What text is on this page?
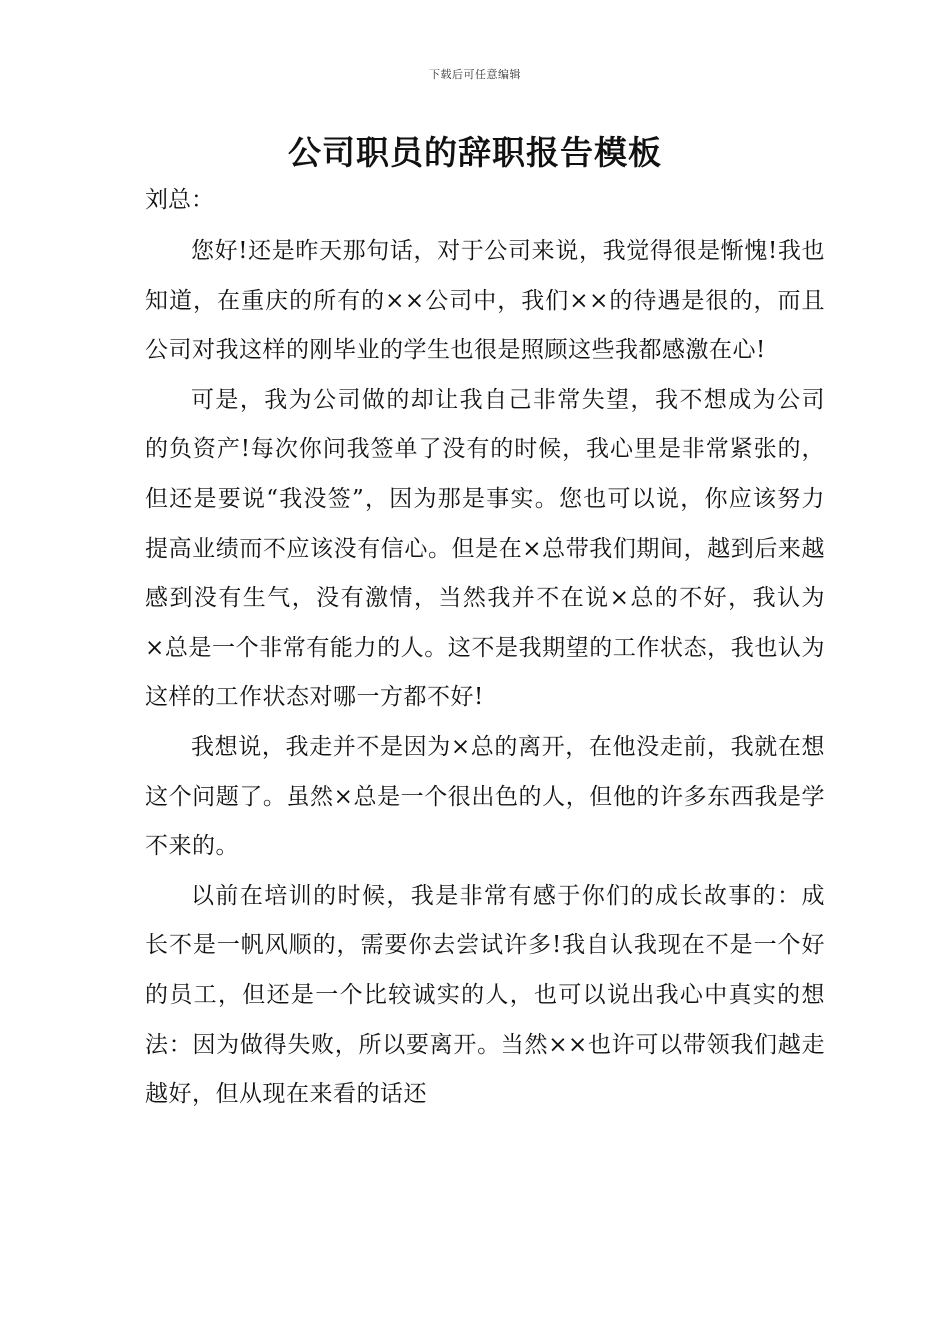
下载后可任意编辑
公司职员的辞职报告模板
刘总：

您好!还是昨天那句话，对于公司来说，我觉得很是惭愧!我也知道，在重庆的所有的××公司中，我们××的待遇是很的，而且公司对我这样的刚毕业的学生也很是照顾这些我都感激在心!

可是，我为公司做的却让我自己非常失望，我不想成为公司的负资产!每次你问我签单了没有的时候，我心里是非常紧张的，但还是要说“我没签”，因为那是事实。您也可以说，你应该努力提高业绩而不应该没有信心。但是在×总带我们期间，越到后来越感到没有生气，没有激情，当然我并不在说×总的不好，我认为 ×总是一个非常有能力的人。这不是我期望的工作状态，我也认为这样的工作状态对哪一方都不好!

我想说，我走并不是因为×总的离开，在他没走前，我就在想这个问题了。虽然×总是一个很出色的人，但他的许多东西我是学不来的。

以前在培训的时候，我是非常有感于你们的成长故事的：成长不是一帆风顺的，需要你去尝试许多!我自认我现在不是一个好的员工，但还是一个比较诚实的人，也可以说出我心中真实的想法：因为做得失败，所以要离开。当然××也许可以带领我们越走越好，但从现在来看的话还
